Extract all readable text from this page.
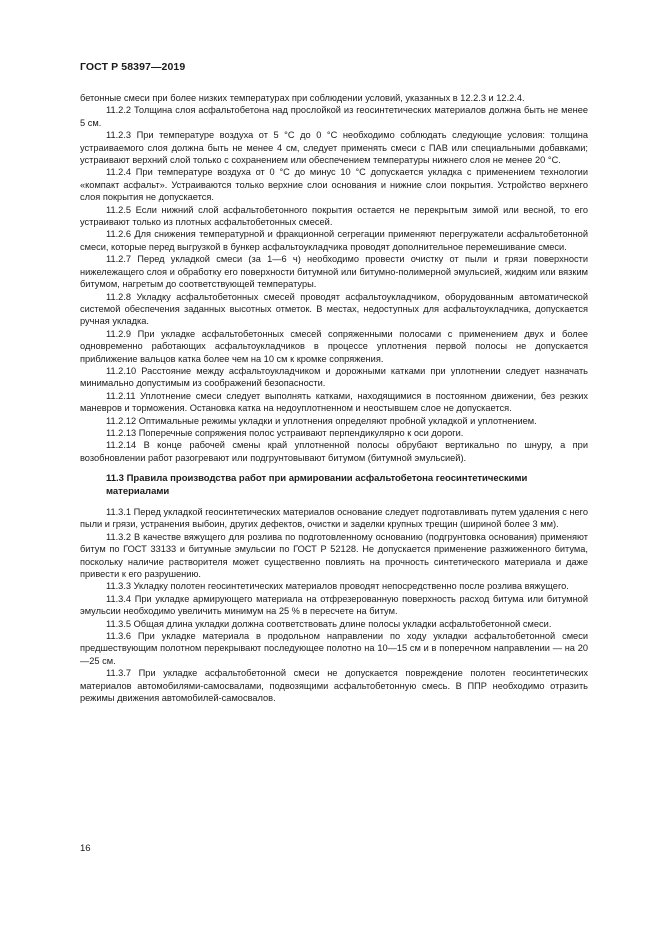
ГОСТ Р 58397—2019

бетонные смеси при более низких температурах при соблюдении условий, указанных в 12.2.3 и 12.2.4.

11.2.2 Толщина слоя асфальтобетона над прослойкой из геосинтетических материалов должна быть не менее 5 см.

11.2.3 При температуре воздуха от 5 °С до 0 °С необходимо соблюдать следующие условия: толщина устраиваемого слоя должна быть не менее 4 см, следует применять смеси с ПАВ или специальными добавками; устраивают верхний слой только с сохранением или обеспечением температуры нижнего слоя не менее 20 °С.

11.2.4 При температуре воздуха от 0 °С до минус 10 °С допускается укладка с применением технологии «компакт асфальт». Устраиваются только верхние слои основания и нижние слои покрытия. Устройство верхнего слоя покрытия не допускается.

11.2.5 Если нижний слой асфальтобетонного покрытия остается не перекрытым зимой или весной, то его устраивают только из плотных асфальтобетонных смесей.

11.2.6 Для снижения температурной и фракционной сегрегации применяют перегружатели асфальтобетонной смеси, которые перед выгрузкой в бункер асфальтоукладчика проводят дополнительное перемешивание смеси.

11.2.7 Перед укладкой смеси (за 1—6 ч) необходимо провести очистку от пыли и грязи поверхности нижележащего слоя и обработку его поверхности битумной или битумно-полимерной эмульсией, жидким или вязким битумом, нагретым до соответствующей температуры.

11.2.8 Укладку асфальтобетонных смесей проводят асфальтоукладчиком, оборудованным автоматической системой обеспечения заданных высотных отметок. В местах, недоступных для асфальтоукладчика, допускается ручная укладка.

11.2.9 При укладке асфальтобетонных смесей сопряженными полосами с применением двух и более одновременно работающих асфальтоукладчиков в процессе уплотнения первой полосы не допускается приближение вальцов катка более чем на 10 см к кромке сопряжения.

11.2.10 Расстояние между асфальтоукладчиком и дорожными катками при уплотнении следует назначать минимально допустимым из соображений безопасности.

11.2.11 Уплотнение смеси следует выполнять катками, находящимися в постоянном движении, без резких маневров и торможения. Остановка катка на недоуплотненном и неостывшем слое не допускается.

11.2.12 Оптимальные режимы укладки и уплотнения определяют пробной укладкой и уплотнением.

11.2.13 Поперечные сопряжения полос устраивают перпендикулярно к оси дороги.

11.2.14 В конце рабочей смены край уплотненной полосы обрубают вертикально по шнуру, а при возобновлении работ разогревают или подгрунтовывают битумом (битумной эмульсией).

11.3 Правила производства работ при армировании асфальтобетона геосинтетическими материалами

11.3.1 Перед укладкой геосинтетических материалов основание следует подготавливать путем удаления с него пыли и грязи, устранения выбоин, других дефектов, очистки и заделки крупных трещин (шириной более 3 мм).

11.3.2 В качестве вяжущего для розлива по подготовленному основанию (подгрунтовка основания) применяют битум по ГОСТ 33133 и битумные эмульсии по ГОСТ Р 52128. Не допускается применение разжиженного битума, поскольку наличие растворителя может существенно повлиять на прочность синтетического материала и даже привести к его разрушению.

11.3.3 Укладку полотен геосинтетических материалов проводят непосредственно после розлива вяжущего.

11.3.4 При укладке армирующего материала на отфрезерованную поверхность расход битума или битумной эмульсии необходимо увеличить минимум на 25 % в пересчете на битум.

11.3.5 Общая длина укладки должна соответствовать длине полосы укладки асфальтобетонной смеси.

11.3.6 При укладке материала в продольном направлении по ходу укладки асфальтобетонной смеси предшествующим полотном перекрывают последующее полотно на 10—15 см и в поперечном направлении — на 20—25 см.

11.3.7 При укладке асфальтобетонной смеси не допускается повреждение полотен геосинтетических материалов автомобилями-самосвалами, подвозящими асфальтобетонную смесь. В ППР необходимо отразить режимы движения автомобилей-самосвалов.

16
